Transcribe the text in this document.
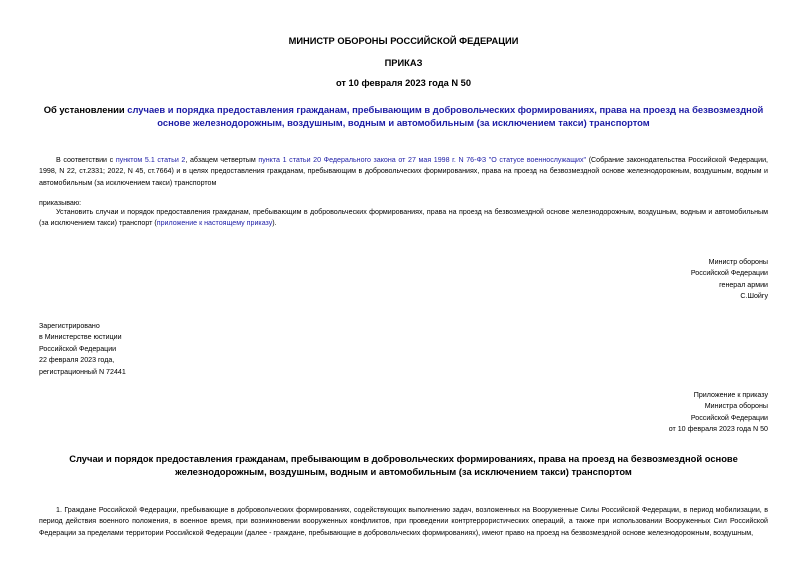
МИНИСТР ОБОРОНЫ РОССИЙСКОЙ ФЕДЕРАЦИИ
ПРИКАЗ
от 10 февраля 2023 года N 50
Об установлении случаев и порядка предоставления гражданам, пребывающим в добровольческих формированиях, права на проезд на безвозмездной основе железнодорожным, воздушным, водным и автомобильным (за исключением такси) транспортом
В соответствии с пунктом 5.1 статьи 2, абзацем четвертым пункта 1 статьи 20 Федерального закона от 27 мая 1998 г. N 76-ФЗ "О статусе военнослужащих" (Собрание законодательства Российской Федерации, 1998, N 22, ст.2331; 2022, N 45, ст.7664) и в целях предоставления гражданам, пребывающим в добровольческих формированиях, права на проезд на безвозмездной основе железнодорожным, воздушным, водным и автомобильным (за исключением такси) транспортом
приказываю:
Установить случаи и порядок предоставления гражданам, пребывающим в добровольческих формированиях, права на проезд на безвозмездной основе железнодорожным, воздушным, водным и автомобильным (за исключением такси) транспорт (приложение к настоящему приказу).
Министр обороны
Российской Федерации
генерал армии
С.Шойгу
Зарегистрировано
в Министерстве юстиции
Российской Федерации
22 февраля 2023 года,
регистрационный N 72441
Приложение к приказу
Министра обороны
Российской Федерации
от 10 февраля 2023 года N 50
Случаи и порядок предоставления гражданам, пребывающим в добровольческих формированиях, права на проезд на безвозмездной основе железнодорожным, воздушным, водным и автомобильным (за исключением такси) транспортом
1. Граждане Российской Федерации, пребывающие в добровольческих формированиях, содействующих выполнению задач, возложенных на Вооруженные Силы Российской Федерации, в период мобилизации, в период действия военного положения, в военное время, при возникновении вооруженных конфликтов, при проведении контртеррористических операций, а также при использовании Вооруженных Сил Российской Федерации за пределами территории Российской Федерации (далее - граждане, пребывающие в добровольческих формированиях), имеют право на проезд на безвозмездной основе железнодорожным, воздушным,
